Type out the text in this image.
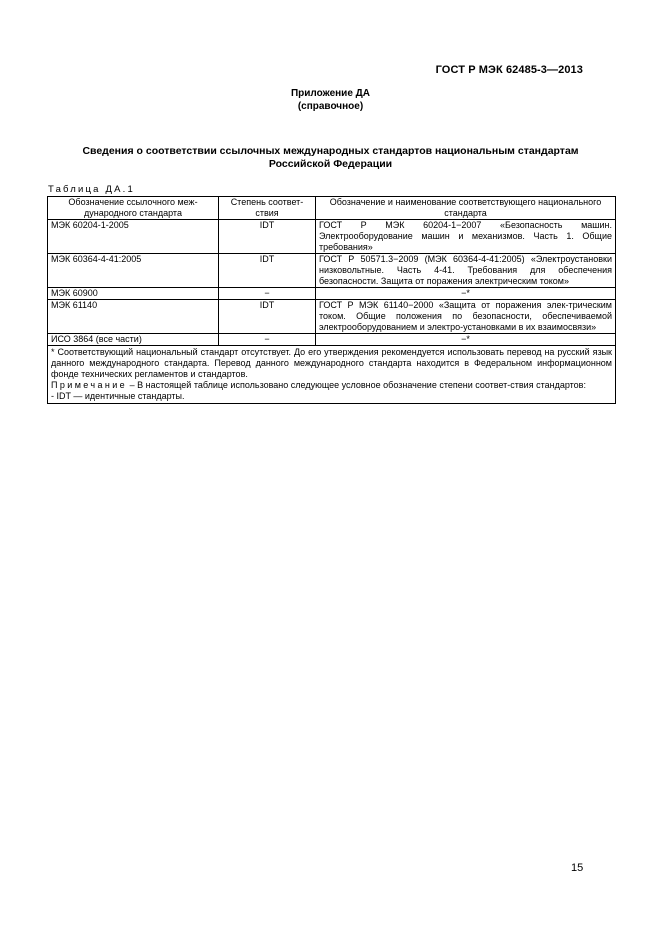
ГОСТ Р МЭК 62485-3—2013
Приложение ДА
(справочное)
Сведения о соответствии ссылочных международных стандартов национальным стандартам
Российской Федерации
Таблица ДА.1
Обозначение ссылочного меж-дународного стандарта	Степень соответ-ствия	Обозначение и наименование соответствующего национального стандарта
МЭК 60204-1-2005	IDT	ГОСТ Р МЭК 60204-1−2007 «Безопасность машин. Электрооборудование машин и механизмов. Часть 1. Общие требования»
МЭК 60364-4-41:2005	IDT	ГОСТ Р 50571.3−2009 (МЭК 60364-4-41:2005) «Электроустановки низковольтные. Часть 4-41. Требования для обеспечения безопасности. Защита от поражения электрическим током»
МЭК 60900	−	−*
МЭК 61140	IDT	ГОСТ Р МЭК 61140−2000 «Защита от поражения элек-трическим током. Общие положения по безопасности, обеспечиваемой электрооборудованием и электро-установками в их взаимосвязи»
ИСО 3864 (все части)	−	−*

* Соответствующий национальный стандарт отсутствует. До его утверждения рекомендуется использовать перевод на русский язык данного международного стандарта. Перевод данного международного стандарта находится в Федеральном информационном фонде технических регламентов и стандартов.
Примечание – В настоящей таблице использовано следующее условное обозначение степени соответ-ствия стандартов:
- IDT — идентичные стандарты.		
15
